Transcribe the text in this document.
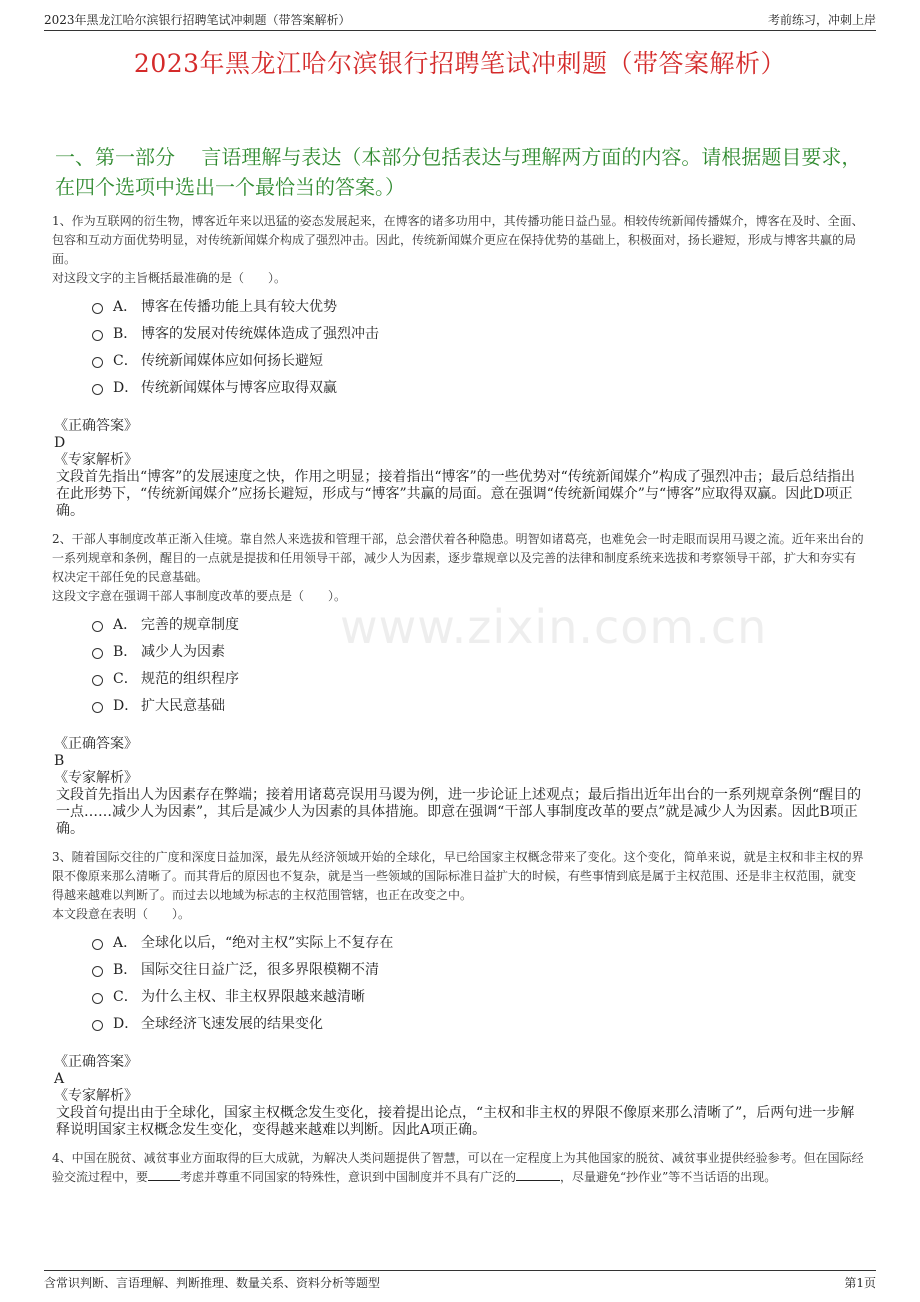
2023年黑龙江哈尔滨银行招聘笔试冲刺题（带答案解析）	考前练习，冲刺上岸
2023年黑龙江哈尔滨银行招聘笔试冲刺题（带答案解析）
一、第一部分　 言语理解与表达（本部分包括表达与理解两方面的内容。请根据题目要求，在四个选项中选出一个最恰当的答案。）
www.zixin.com.cn
1、作为互联网的衍生物，博客近年来以迅猛的姿态发展起来，在博客的诸多功用中，其传播功能日益凸显。相较传统新闻传播媒介，博客在及时、全面、包容和互动方面优势明显，对传统新闻媒介构成了强烈冲击。因此，传统新闻媒介更应在保持优势的基础上，积极面对，扬长避短，形成与博客共赢的局面。
对这段文字的主旨概括最准确的是（　　）。
A． 博客在传播功能上具有较大优势
B． 博客的发展对传统媒体造成了强烈冲击
C． 传统新闻媒体应如何扬长避短
D． 传统新闻媒体与博客应取得双赢
《正确答案》
D
《专家解析》
文段首先指出“博客”的发展速度之快，作用之明显；接着指出“博客”的一些优势对“传统新闻媒介”构成了强烈冲击；最后总结指出在此形势下，“传统新闻媒介”应扬长避短，形成与“博客”共赢的局面。意在强调“传统新闻媒介”与“博客”应取得双赢。因此D项正确。
2、干部人事制度改革正渐入佳境。靠自然人来选拔和管理干部，总会潜伏着各种隐患。明智如诸葛亮，也难免会一时走眼而误用马谡之流。近年来出台的一系列规章和条例，醒目的一点就是提拔和任用领导干部，减少人为因素，逐步靠规章以及完善的法律和制度系统来选拔和考察领导干部，扩大和夯实有权决定干部任免的民意基础。
这段文字意在强调干部人事制度改革的要点是（　　）。
A． 完善的规章制度
B． 减少人为因素
C． 规范的组织程序
D． 扩大民意基础
《正确答案》
B
《专家解析》
文段首先指出人为因素存在弊端；接着用诸葛亮误用马谡为例，进一步论证上述观点；最后指出近年出台的一系列规章条例“醒目的一点……减少人为因素”，其后是减少人为因素的具体措施。即意在强调“干部人事制度改革的要点”就是减少人为因素。因此B项正确。
3、随着国际交往的广度和深度日益加深，最先从经济领域开始的全球化，早已给国家主权概念带来了变化。这个变化，简单来说，就是主权和非主权的界限不像原来那么清晰了。而其背后的原因也不复杂，就是当一些领域的国际标准日益扩大的时候，有些事情到底是属于主权范围、还是非主权范围，就变得越来越难以判断了。而过去以地域为标志的主权范围管辖，也正在改变之中。
本文段意在表明（　　）。
A． 全球化以后，“绝对主权”实际上不复存在
B． 国际交往日益广泛，很多界限模糊不清
C． 为什么主权、非主权界限越来越清晰
D． 全球经济飞速发展的结果变化
《正确答案》
A
《专家解析》
文段首句提出由于全球化，国家主权概念发生变化，接着提出论点，“主权和非主权的界限不像原来那么清晰了”，后两句进一步解释说明国家主权概念发生变化，变得越来越难以判断。因此A项正确。
4、中国在脱贫、减贫事业方面取得的巨大成就，为解决人类问题提供了智慧，可以在一定程度上为其他国家的脱贫、减贫事业提供经验参考。但在国际经验交流过程中，要	考虑并尊重不同国家的特殊性，意识到中国制度并不具有广泛的	，尽量避免“抄作业”等不当话语的出现。
含常识判断、言语理解、判断推理、数量关系、资料分析等题型	第1页
